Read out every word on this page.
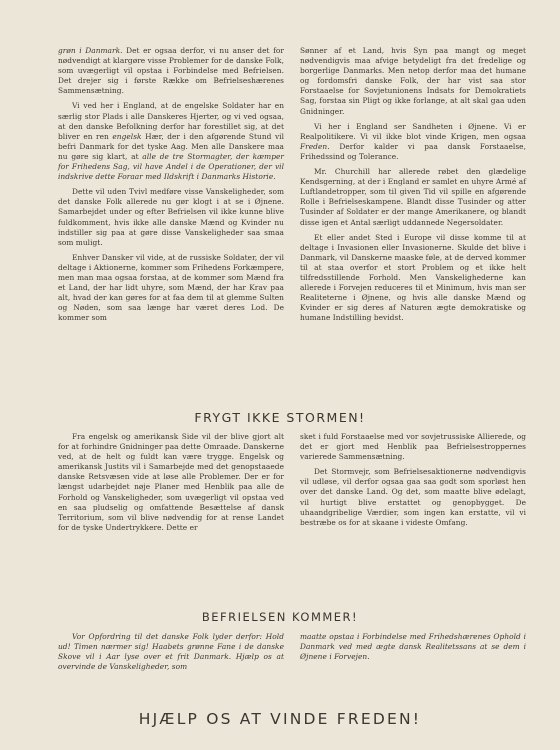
grøn i Danmark. Det er ogsaa derfor, vi nu anser det for nødvendigt at klargøre visse Problemer for de danske Folk, som uvægerligt vil opstaa i Forbindelse med Befrielsen. Det drejer sig i første Række om Befrielseshærenes Sammensætning.

Vi ved her i England, at de engelske Soldater har en særlig stor Plads i alle Danskeres Hjerter, og vi ved ogsaa, at den danske Befolkning derfor har forestillet sig, at det bliver en ren engelsk Hær, der i den afgørende Stund vil befri Danmark for det tyske Aag. Men alle Danskere maa nu gøre sig klart, at alle de tre Stormagter, der kæmper for Frihedens Sag, vil have Andel i de Operationer, der vil indskrive dette Foraar med Ildskrift i Danmarks Historie.

Dette vil uden Tvivl medføre visse Vanskeligheder, som det danske Folk allerede nu gør klogt i at se i Øjnene. Samarbejdet under og efter Befrielsen vil ikke kunne blive fuldkomment, hvis ikke alle danske Mænd og Kvinder nu indstiller sig paa at gøre disse Vanskeligheder saa smaa som muligt.

Enhver Dansker vil vide, at de russiske Soldater, der vil deltage i Aktionerne, kommer som Frihedens Forkæmpere, men man maa ogsaa forstaa, at de kommer som Mænd fra et Land, der har lidt uhyre, som Mænd, der har Krav paa alt, hvad der kan gøres for at faa dem til at glemme Sulten og Nøden, som saa længe har været deres Lod. De kommer som

Sønner af et Land, hvis Syn paa mangt og meget nødvendigvis maa afvige betydeligt fra det fredelige og borgerlige Danmarks. Men netop derfor maa det humane og fordomsfri danske Folk, der har vist saa stor Forstaaelse for Sovjetunionens Indsats for Demokratiets Sag, forstaa sin Pligt og ikke forlange, at alt skal gaa uden Gnidninger.

Vi her i England ser Sandheten i Øjnene. Vi er Realpolitikere. Vi vil ikke blot vinde Krigen, men ogsaa Freden. Derfor kalder vi paa dansk Forstaaelse, Frihedssind og Tolerance.

Mr. Churchill har allerede røbet den glædelige Kendsgerning, at der i England er samlet en uhyre Armé af Luftlandetropper, som til given Tid vil spille en afgørende Rolle i Befrielseskampene. Blandt disse Tusinder og atter Tusinder af Soldater er der mange Amerikanere, og blandt disse igen et Antal særligt uddannede Negersoldater.

Et eller andet Sted i Europe vil disse komme til at deltage i Invasionen eller Invasionerne. Skulde det blive i Danmark, vil Danskerne maaske føle, at de derved kommer til at staa overfor et stort Problem og et ikke helt tilfredsstillende Forhold. Men Vanskelighederne kan allerede i Forvejen reduceres til et Minimum, hvis man ser Realiteterne i Øjnene, og hvis alle danske Mænd og Kvinder er sig deres af Naturen ægte demokratiske og humane Indstilling bevidst.

FRYGT IKKE STORMEN!

Fra engelsk og amerikansk Side vil der blive gjort alt for at forhindre Gnidninger paa dette Omraade. Danskerne ved, at de helt og fuldt kan være trygge. Engelsk og amerikansk Justits vil i Samarbejde med det genopstaaede danske Retsvæsen vide at løse alle Problemer. Der er for længst udarbejdet nøje Planer med Henblik paa alle de Forhold og Vanskeligheder, som uvægerligt vil opstaa ved en saa pludselig og omfattende Besættelse af dansk Territorium, som vil blive nødvendig for at rense Landet for de tyske Undertrykkere. Dette er

sket i fuld Forstaaelse med vor sovjetrussiske Allierede, og det er gjort med Henblik paa Befrielsestroppernes varierede Sammensætning.

Det Stormvejr, som Befrielsesaktionerne nødvendigvis vil udløse, vil derfor ogsaa gaa saa godt som sporløst hen over det danske Land. Og det, som maatte blive ødelagt, vil hurtigt blive erstattet og genopbygget. De uhaandgribelige Værdier, som ingen kan erstatte, vil vi bestræbe os for at skaane i videste Omfang.

BEFRIELSEN KOMMER!

Vor Opfordring til det danske Folk lyder derfor: Hold ud! Timen nærmer sig! Haabets grønne Fane i de danske Skove vil i Aar lyse over et frit Danmark. Hjælp os at overvinde de Vanskeligheder, som

maatte opstaa i Forbindelse med Frihedshærenes Ophold i Danmark ved med ægte dansk Realitetssans at se dem i Øjnene i Forvejen.

HJÆLP OS AT VINDE FREDEN!
